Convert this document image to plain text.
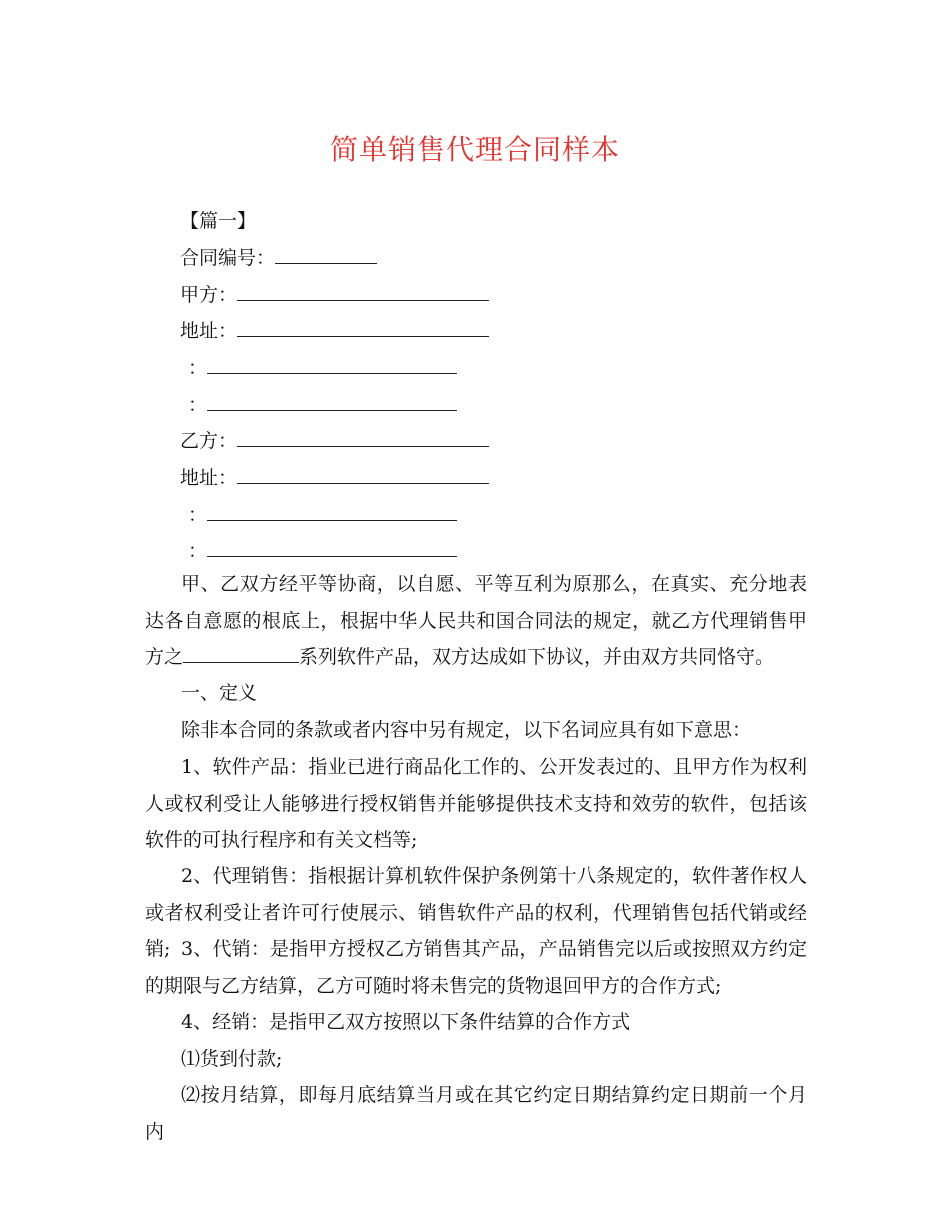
简单销售代理合同样本

【篇一】

合同编号：

甲方：

地址：

：

：

乙方：

地址：

：

：

甲、乙双方经平等协商，以自愿、平等互利为原那么，在真实、充分地表达各自意愿的根底上，根据中华人民共和国合同法的规定，就乙方代理销售甲方之	系列软件产品，双方达成如下协议，并由双方共同恪守。

一、定义

除非本合同的条款或者内容中另有规定，以下名词应具有如下意思：

1、软件产品：指业已进行商品化工作的、公开发表过的、且甲方作为权利人或权利受让人能够进行授权销售并能够提供技术支持和效劳的软件，包括该软件的可执行程序和有关文档等;

2、代理销售：指根据计算机软件保护条例第十八条规定的，软件著作权人或者权利受让者许可行使展示、销售软件产品的权利，代理销售包括代销或经销; 3、代销：是指甲方授权乙方销售其产品，产品销售完以后或按照双方约定的期限与乙方结算，乙方可随时将未售完的货物退回甲方的合作方式;

4、经销：是指甲乙双方按照以下条件结算的合作方式

⑴货到付款;

⑵按月结算，即每月底结算当月或在其它约定日期结算约定日期前一个月内
